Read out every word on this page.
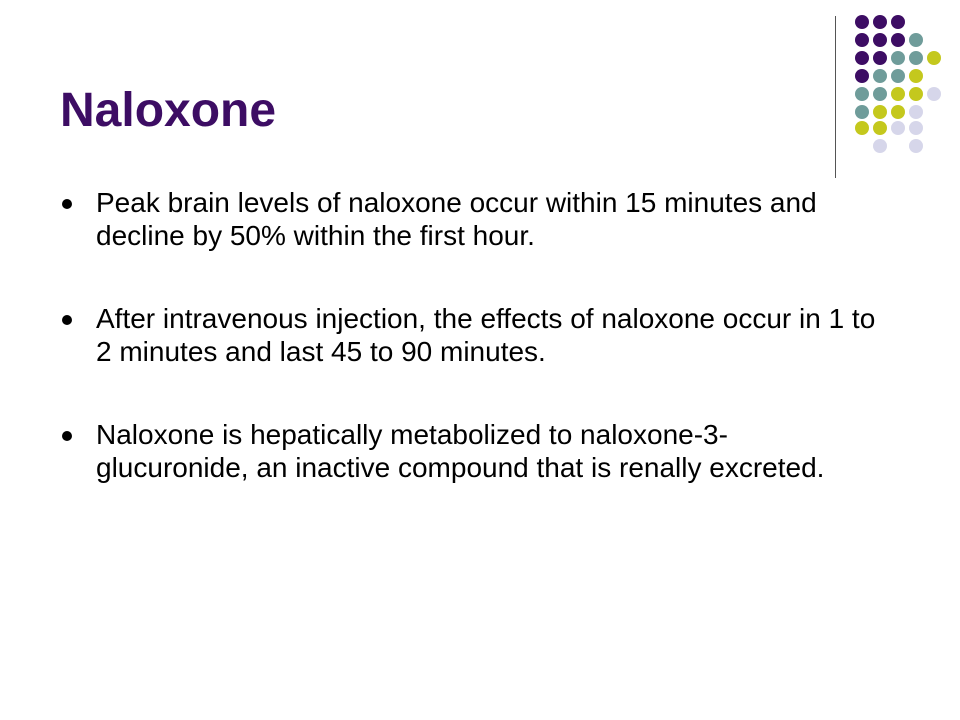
Naloxone
Peak brain levels of naloxone occur within 15 minutes and decline by 50% within the first hour.
After intravenous injection, the effects of naloxone occur in 1 to 2 minutes and last 45 to 90 minutes.
Naloxone is hepatically metabolized to naloxone-3-glucuronide, an inactive compound that is renally excreted.
